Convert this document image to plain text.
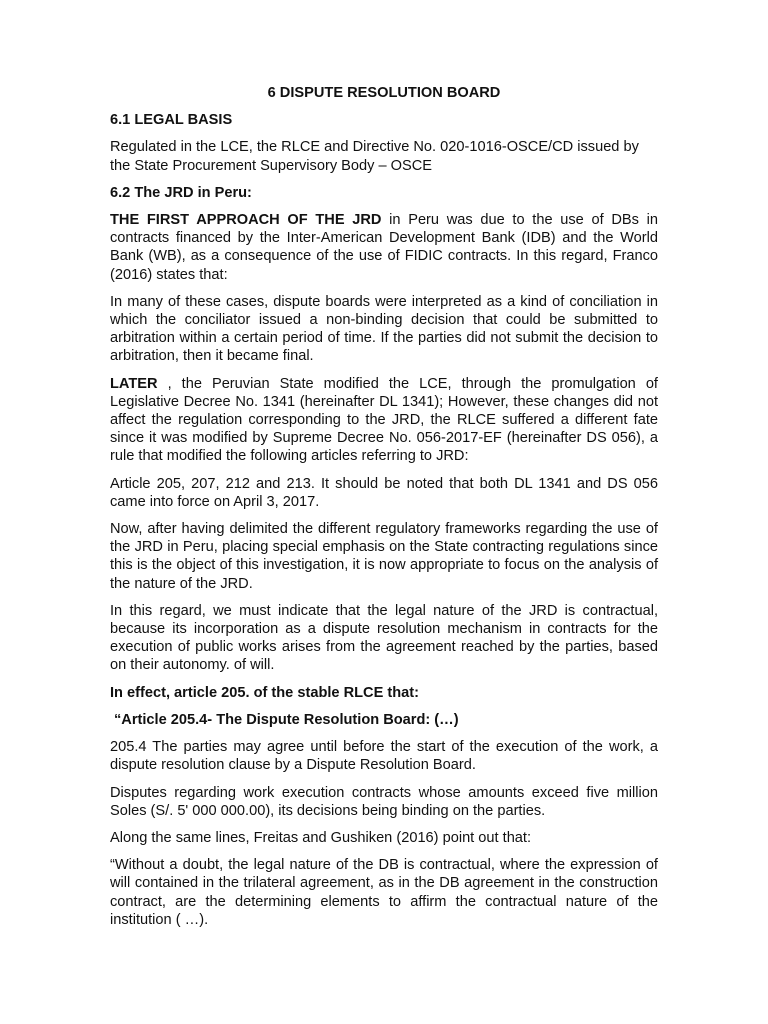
6 DISPUTE RESOLUTION BOARD
6.1 LEGAL BASIS

Regulated in the LCE, the RLCE and Directive No. 020-1016-OSCE/CD issued by the State Procurement Supervisory Body – OSCE

6.2 The JRD in Peru:

THE FIRST APPROACH OF THE JRD in Peru was due to the use of DBs in contracts financed by the Inter-American Development Bank (IDB) and the World Bank (WB), as a consequence of the use of FIDIC contracts. In this regard, Franco (2016) states that:

In many of these cases, dispute boards were interpreted as a kind of conciliation in which the conciliator issued a non-binding decision that could be submitted to arbitration within a certain period of time. If the parties did not submit the decision to arbitration, then it became final.

LATER , the Peruvian State modified the LCE, through the promulgation of Legislative Decree No. 1341 (hereinafter DL 1341); However, these changes did not affect the regulation corresponding to the JRD, the RLCE suffered a different fate since it was modified by Supreme Decree No. 056-2017-EF (hereinafter DS 056), a rule that modified the following articles referring to JRD:

Article 205, 207, 212 and 213. It should be noted that both DL 1341 and DS 056 came into force on April 3, 2017.

Now, after having delimited the different regulatory frameworks regarding the use of the JRD in Peru, placing special emphasis on the State contracting regulations since this is the object of this investigation, it is now appropriate to focus on the analysis of the nature of the JRD.

In this regard, we must indicate that the legal nature of the JRD is contractual, because its incorporation as a dispute resolution mechanism in contracts for the execution of public works arises from the agreement reached by the parties, based on their autonomy. of will.

In effect, article 205. of the stable RLCE that:
“Article 205.4- The Dispute Resolution Board: (…)

205.4 The parties may agree until before the start of the execution of the work, a dispute resolution clause by a Dispute Resolution Board.

Disputes regarding work execution contracts whose amounts exceed five million Soles (S/. 5' 000 000.00), its decisions being binding on the parties.

Along the same lines, Freitas and Gushiken (2016) point out that:

“Without a doubt, the legal nature of the DB is contractual, where the expression of will contained in the trilateral agreement, as in the DB agreement in the construction contract, are the determining elements to affirm the contractual nature of the institution ( …).
